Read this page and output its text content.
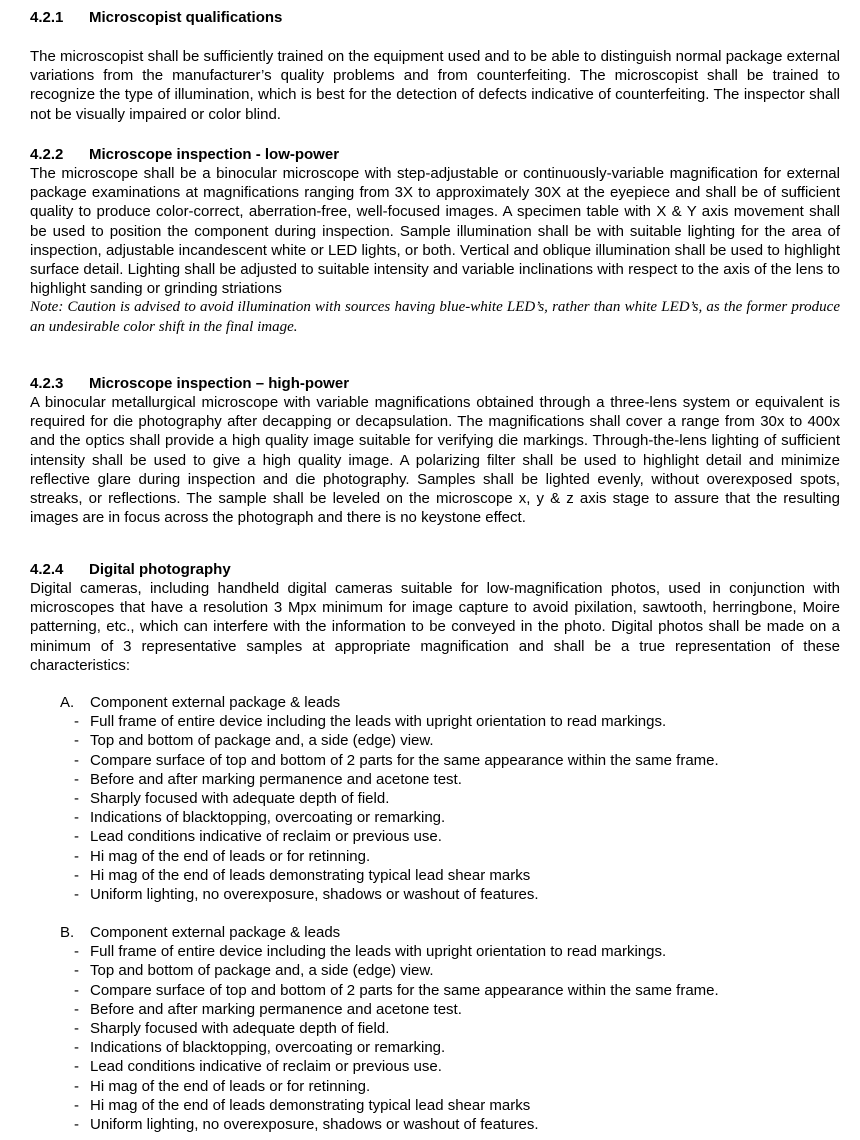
4.2.1 Microscopist qualifications

The microscopist shall be sufficiently trained on the equipment used and to be able to distinguish normal package external variations from the manufacturer’s quality problems and from counterfeiting. The microscopist shall be trained to recognize the type of illumination, which is best for the detection of defects indicative of counterfeiting. The inspector shall not be visually impaired or color blind.

4.2.2 Microscope inspection - low-power

The microscope shall be a binocular microscope with step-adjustable or continuously-variable magnification for external package examinations at magnifications ranging from 3X to approximately 30X at the eyepiece and shall be of sufficient quality to produce color-correct, aberration-free, well-focused images. A specimen table with X & Y axis movement shall be used to position the component during inspection. Sample illumination shall be with suitable lighting for the area of inspection, adjustable incandescent white or LED lights, or both. Vertical and oblique illumination shall be used to highlight surface detail. Lighting shall be adjusted to suitable intensity and variable inclinations with respect to the axis of the lens to highlight sanding or grinding striations

Note: Caution is advised to avoid illumination with sources having blue-white LED’s, rather than white LED’s, as the former produce an undesirable color shift in the final image.

4.2.3 Microscope inspection – high-power

A binocular metallurgical microscope with variable magnifications obtained through a three-lens system or equivalent is required for die photography after decapping or decapsulation. The magnifications shall cover a range from 30x to 400x and the optics shall provide a high quality image suitable for verifying die markings. Through-the-lens lighting of sufficient intensity shall be used to give a high quality image. A polarizing filter shall be used to highlight detail and minimize reflective glare during inspection and die photography. Samples shall be lighted evenly, without overexposed spots, streaks, or reflections. The sample shall be leveled on the microscope x, y & z axis stage to assure that the resulting images are in focus across the photograph and there is no keystone effect.

4.2.4 Digital photography

Digital cameras, including handheld digital cameras suitable for low-magnification photos, used in conjunction with microscopes that have a resolution 3 Mpx minimum for image capture to avoid pixilation, sawtooth, herringbone, Moire patterning, etc., which can interfere with the information to be conveyed in the photo. Digital photos shall be made on a minimum of 3 representative samples at appropriate magnification and shall be a true representation of these characteristics:

A. Component external package & leads
- Full frame of entire device including the leads with upright orientation to read markings.
- Top and bottom of package and, a side (edge) view.
- Compare surface of top and bottom of 2 parts for the same appearance within the same frame.
- Before and after marking permanence and acetone test.
- Sharply focused with adequate depth of field.
- Indications of blacktopping, overcoating or remarking.
- Lead conditions indicative of reclaim or previous use.
- Hi mag of the end of leads or for retinning.
- Hi mag of the end of leads demonstrating typical lead shear marks
- Uniform lighting, no overexposure, shadows or washout of features.
B. Component external package & leads
- Full frame of entire device including the leads with upright orientation to read markings.
- Top and bottom of package and, a side (edge) view.
- Compare surface of top and bottom of 2 parts for the same appearance within the same frame.
- Before and after marking permanence and acetone test.
- Sharply focused with adequate depth of field.
- Indications of blacktopping, overcoating or remarking.
- Lead conditions indicative of reclaim or previous use.
- Hi mag of the end of leads or for retinning.
- Hi mag of the end of leads demonstrating typical lead shear marks
- Uniform lighting, no overexposure, shadows or washout of features.
